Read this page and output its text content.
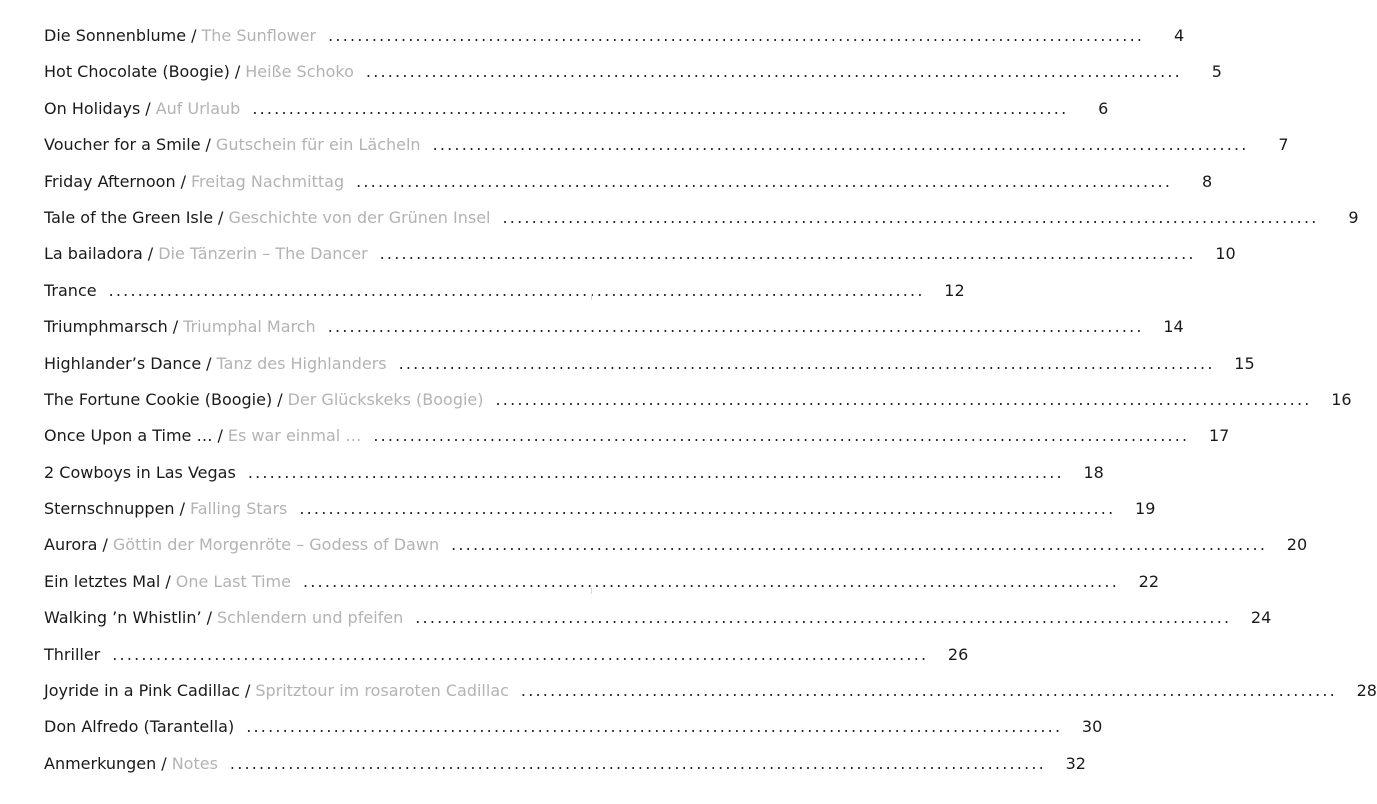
Die Sonnenblume / The Sunflower .....	4
Hot Chocolate (Boogie) / Heiße Schoko .....	5
On Holidays / Auf Urlaub .....	6
Voucher for a Smile / Gutschein für ein Lächeln .....	7
Friday Afternoon / Freitag Nachmittag .....	8
Tale of the Green Isle / Geschichte von der Grünen Insel .....	9
La bailadora / Die Tänzerin – The Dancer .....	10
Trance .....	12
Triumphmarsch / Triumphal March .....	14
Highlander’s Dance / Tanz des Highlanders .....	15
The Fortune Cookie (Boogie) / Der Glückskeks (Boogie) .....	16
Once Upon a Time … / Es war einmal … .....	17
2 Cowboys in Las Vegas .....	18
Sternschnuppen / Falling Stars .....	19
Aurora / Göttin der Morgenröte – Godess of Dawn .....	20
Ein letztes Mal / One Last Time .....	22
Walking ’n Whistlin’ / Schlendern und pfeifen .....	24
Thriller .....	26
Joyride in a Pink Cadillac / Spritztour im rosaroten Cadillac .....	28
Don Alfredo (Tarantella) .....	30
Anmerkungen / Notes .....	32
